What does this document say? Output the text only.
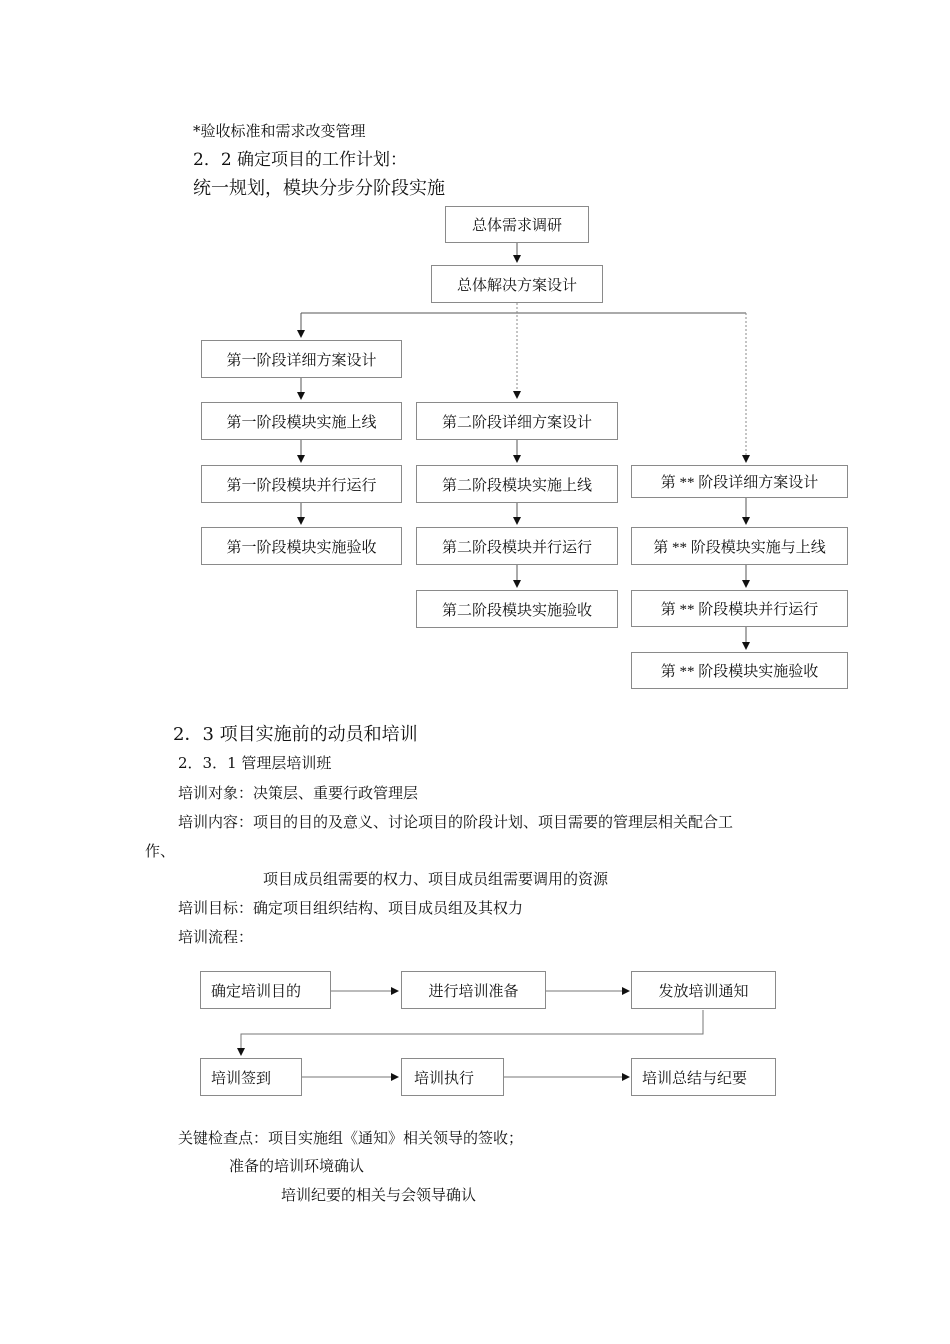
*验收标准和需求改变管理
2．2 确定项目的工作计划：
统一规划，模块分步分阶段实施
总体需求调研
总体解决方案设计
第一阶段详细方案设计
第一阶段模块实施上线
第一阶段模块并行运行
第一阶段模块实施验收
第二阶段详细方案设计
第二阶段模块实施上线
第二阶段模块并行运行
第二阶段模块实施验收
第 ** 阶段详细方案设计
第 ** 阶段模块实施与上线
第 ** 阶段模块并行运行
第 ** 阶段模块实施验收
2．3 项目实施前的动员和培训
2．3．1 管理层培训班
培训对象：决策层、重要行政管理层
培训内容：项目的目的及意义、讨论项目的阶段计划、项目需要的管理层相关配合工
作、
项目成员组需要的权力、项目成员组需要调用的资源
培训目标：确定项目组织结构、项目成员组及其权力
培训流程：
确定培训目的	进行培训准备	发放培训通知
培训签到	培训执行	培训总结与纪要
关键检查点：项目实施组《通知》相关领导的签收；
准备的培训环境确认
培训纪要的相关与会领导确认
